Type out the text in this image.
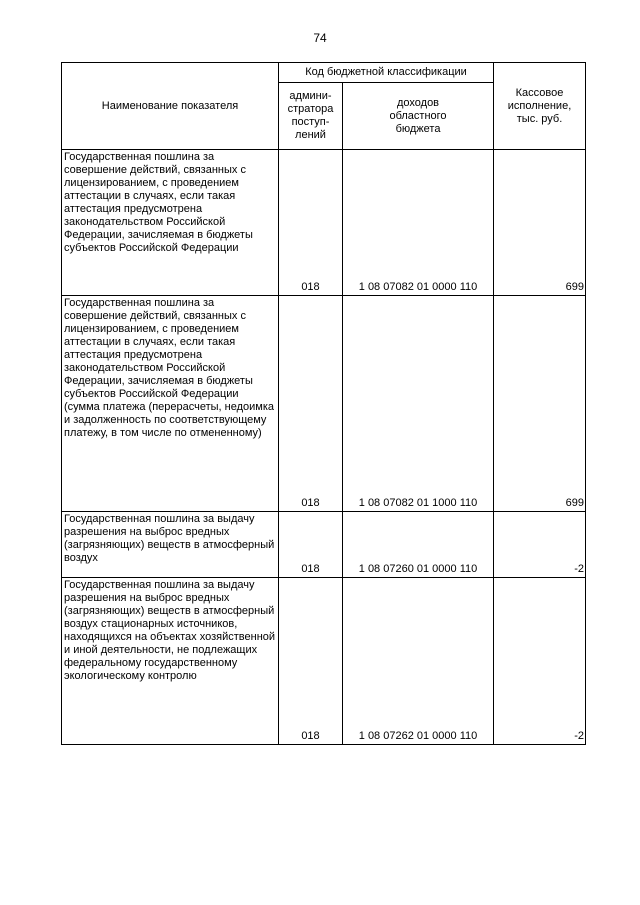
74
Наименование показателя	Код бюджетной классификации		Кассовое исполнение, тыс. руб.
	админи-
стратора
поступ-
лений	доходов
областного
бюджета	
Государственная пошлина за совершение действий, связанных с лицензированием, с проведением аттестации в случаях, если такая аттестация предусмотрена законодательством Российской Федерации, зачисляемая в бюджеты субъектов Российской Федерации	018	1 08 07082 01 0000 110	699
Государственная пошлина за совершение действий, связанных с лицензированием, с проведением аттестации в случаях, если такая аттестация предусмотрена законодательством Российской Федерации, зачисляемая в бюджеты субъектов Российской Федерации (сумма платежа (перерасчеты, недоимка и задолженность по соответствующему платежу, в том числе по отмененному)	018	1 08 07082 01 1000 110	699
Государственная пошлина за выдачу разрешения на выброс вредных (загрязняющих) веществ в атмосферный воздух	018	1 08 07260 01 0000 110	-2
Государственная пошлина за выдачу разрешения на выброс вредных (загрязняющих) веществ в атмосферный воздух стационарных источников, находящихся на объектах хозяйственной и иной деятельности, не подлежащих федеральному государственному экологическому контролю	018	1 08 07262 01 0000 110	-2
